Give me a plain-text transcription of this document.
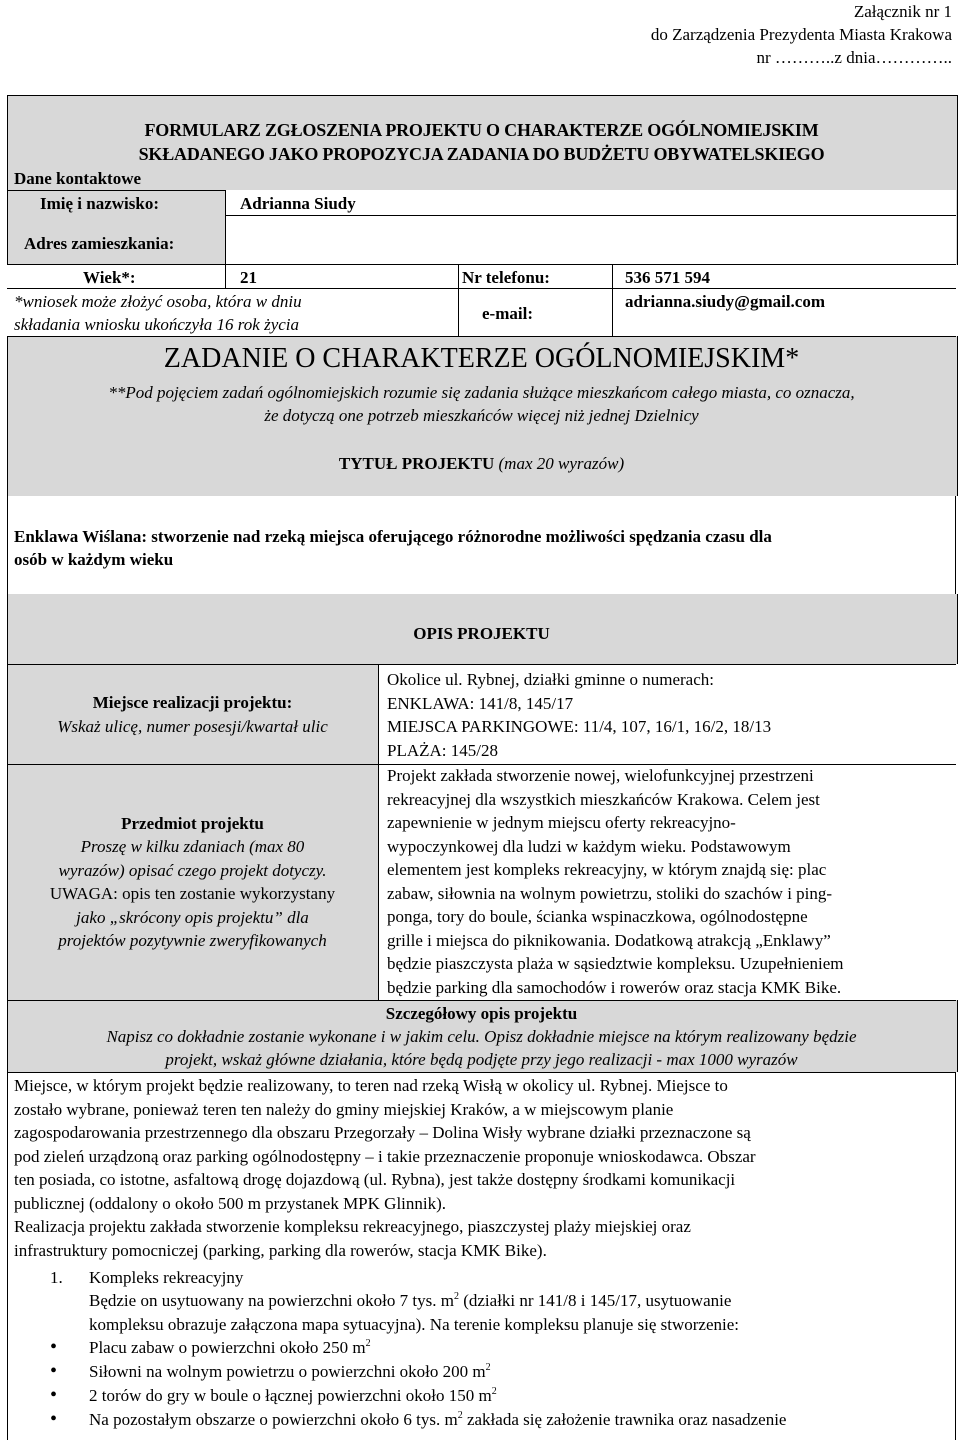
Załącznik nr 1
do Zarządzenia Prezydenta Miasta Krakowa
nr ………..z dnia…………..
FORMULARZ ZGŁOSZENIA PROJEKTU O CHARAKTERZE OGÓLNOMIEJSKIM
SKŁADANEGO JAKO PROPOZYCJA ZADANIA DO BUDŻETU OBYWATELSKIEGO
Dane kontaktowe
Imię i nazwisko:	Adrianna Siudy
Adres zamieszkania:
Wiek*:	21	Nr telefonu:	536 571 594
*wniosek może złożyć osoba, która w dniu
składania wniosku ukończyła 16 rok życia
e-mail:
adrianna.siudy@gmail.com
ZADANIE O CHARAKTERZE OGÓLNOMIEJSKIM*
**Pod pojęciem zadań ogólnomiejskich rozumie się zadania służące mieszkańcom całego miasta, co oznacza,
że dotyczą one potrzeb mieszkańców więcej niż jednej Dzielnicy
TYTUŁ PROJEKTU (max 20 wyrazów)
Enklawa Wiślana: stworzenie nad rzeką miejsca oferującego różnorodne możliwości spędzania czasu dla
osób w każdym wieku
OPIS PROJEKTU
Miejsce realizacji projektu:
Wskaż ulicę, numer posesji/kwartał ulic
Okolice ul. Rybnej, działki gminne o numerach:
ENKLAWA: 141/8, 145/17
MIEJSCA PARKINGOWE: 11/4, 107, 16/1, 16/2, 18/13
PLAŻA: 145/28
Przedmiot projektu
Proszę w kilku zdaniach (max 80
wyrazów) opisać czego projekt dotyczy.
UWAGA: opis ten zostanie wykorzystany
jako „skrócony opis projektu” dla
projektów pozytywnie zweryfikowanych
Projekt zakłada stworzenie nowej, wielofunkcyjnej przestrzeni
rekreacyjnej dla wszystkich mieszkańców Krakowa. Celem jest
zapewnienie w jednym miejscu oferty rekreacyjno-
wypoczynkowej dla ludzi w każdym wieku. Podstawowym
elementem jest kompleks rekreacyjny, w którym znajdą się: plac
zabaw, siłownia na wolnym powietrzu, stoliki do szachów i ping-
ponga, tory do boule, ścianka wspinaczkowa, ogólnodostępne
grille i miejsca do piknikowania. Dodatkową atrakcją „Enklawy”
będzie piaszczysta plaża w sąsiedztwie kompleksu. Uzupełnieniem
będzie parking dla samochodów i rowerów oraz stacja KMK Bike.
Szczegółowy opis projektu
Napisz co dokładnie zostanie wykonane i w jakim celu. Opisz dokładnie miejsce na którym realizowany będzie
projekt, wskaż główne działania, które będą podjęte przy jego realizacji - max 1000 wyrazów
Miejsce, w którym projekt będzie realizowany, to teren nad rzeką Wisłą w okolicy ul. Rybnej. Miejsce to
zostało wybrane, ponieważ teren ten należy do gminy miejskiej Kraków, a w miejscowym planie
zagospodarowania przestrzennego dla obszaru Przegorzały – Dolina Wisły wybrane działki przeznaczone są
pod zieleń urządzoną oraz parking ogólnodostępny – i takie przeznaczenie proponuje wnioskodawca. Obszar
ten posiada, co istotne, asfaltową drogę dojazdową (ul. Rybna), jest także dostępny środkami komunikacji
publicznej (oddalony o około 500 m przystanek MPK Glinnik).
Realizacja projektu zakłada stworzenie kompleksu rekreacyjnego, piaszczystej plaży miejskiej oraz
infrastruktury pomocniczej (parking, parking dla rowerów, stacja KMK Bike).
1. Kompleks rekreacyjny
Będzie on usytuowany na powierzchni około 7 tys. $m^2$ (działki nr 141/8 i 145/17, usytuowanie
kompleksu obrazuje załączona mapa sytuacyjna). Na terenie kompleksu planuje się stworzenie:
• Placu zabaw o powierzchni około 250 $m^2$
• Siłowni na wolnym powietrzu o powierzchni około 200 $m^2$
• 2 torów do gry w boule o łącznej powierzchni około 150 $m^2$
• Na pozostałym obszarze o powierzchni około 6 tys. $m^2$ zakłada się założenie trawnika oraz nasadzenie
